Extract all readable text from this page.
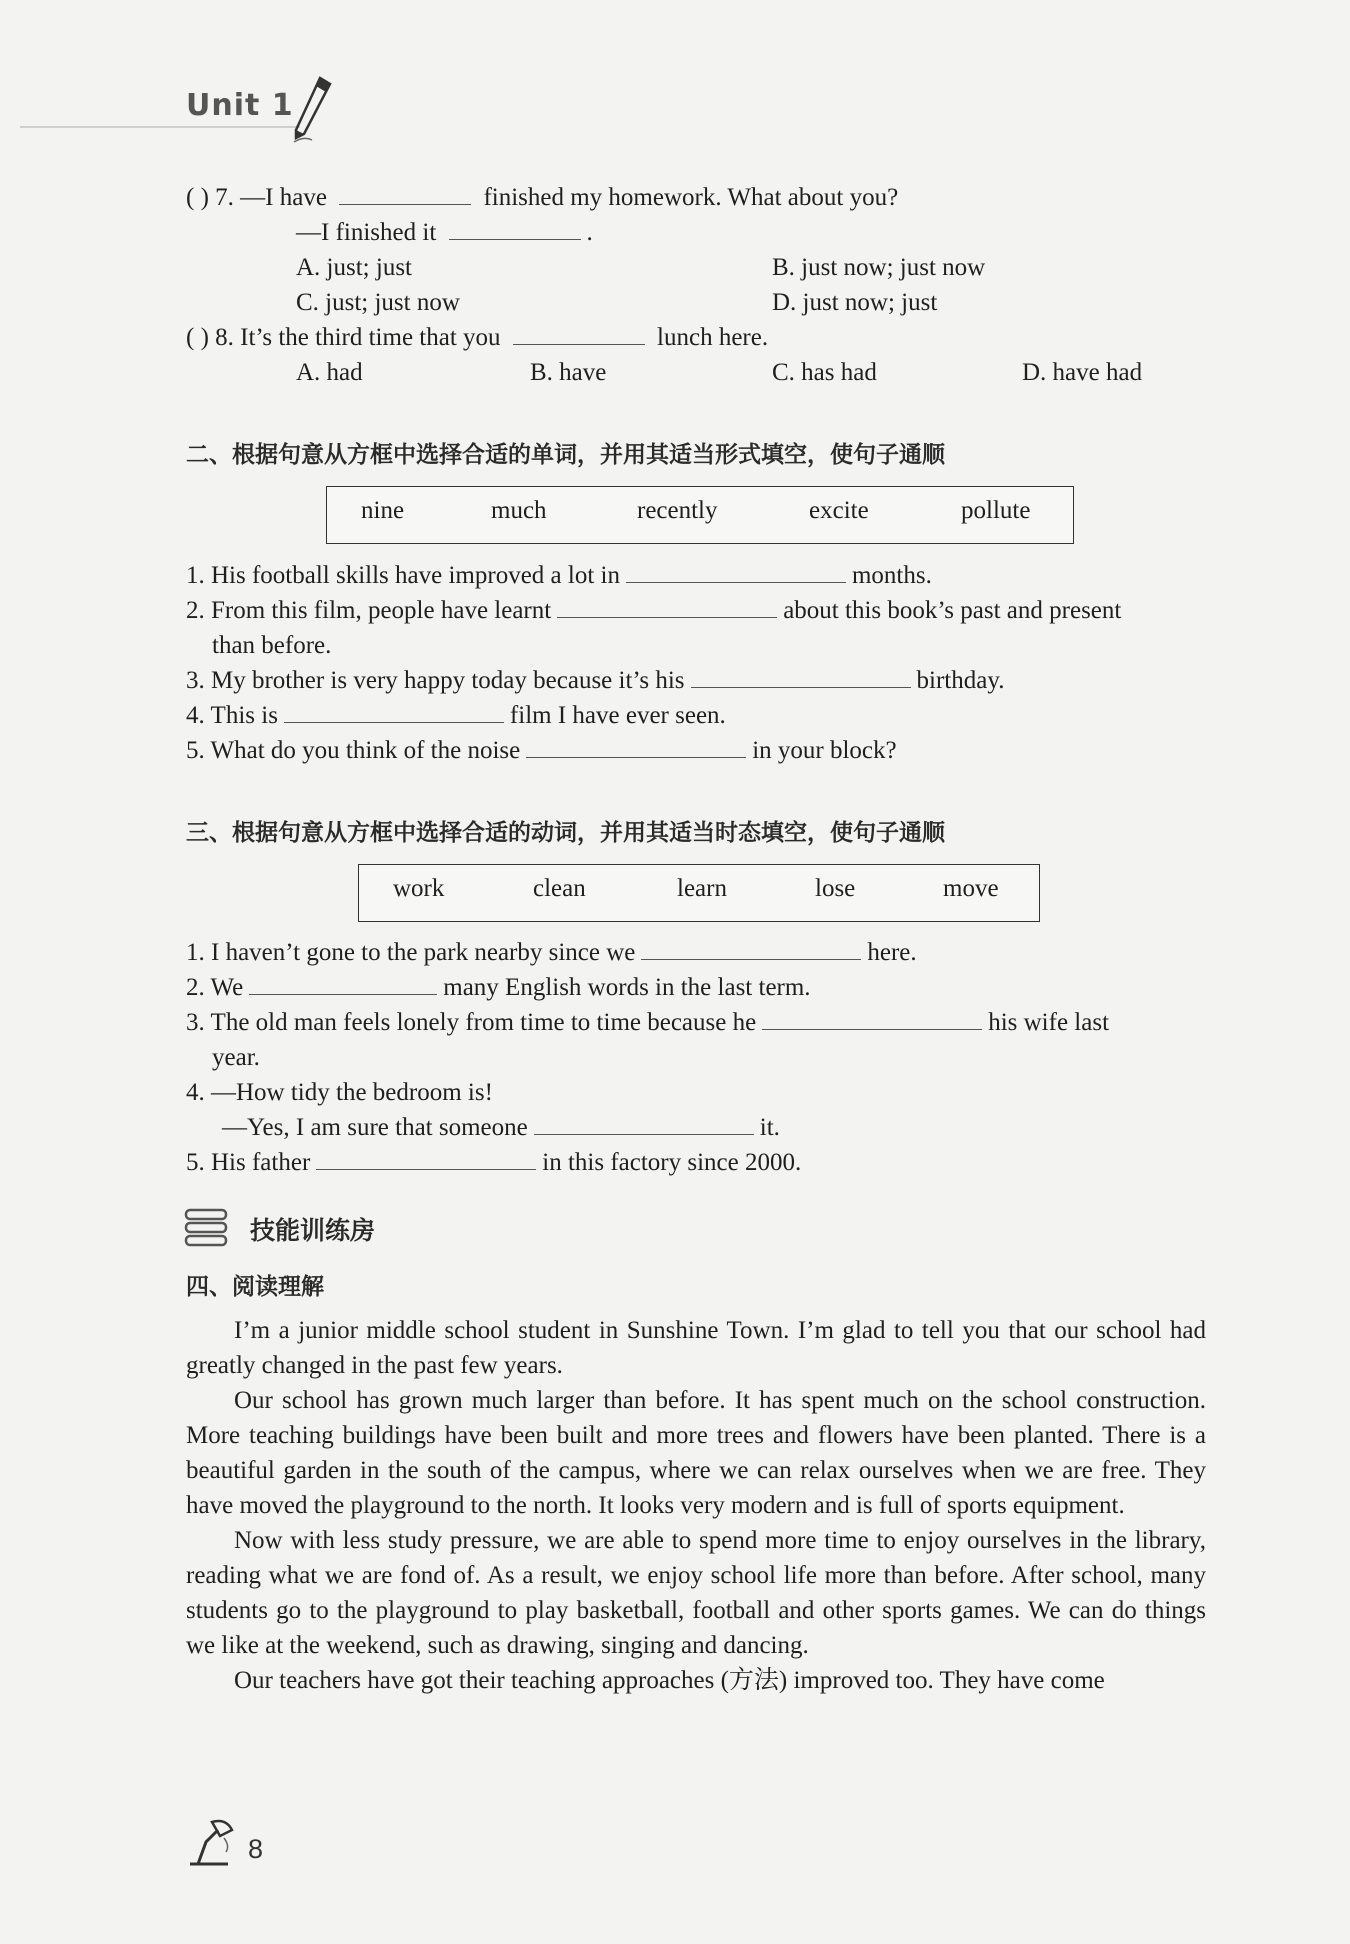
Unit 1
( ) 7. —I have	finished my homework. What about you?
—I finished it	.
A. just; just	B. just now; just now
C. just; just now	D. just now; just
( ) 8. It’s the third time that you	lunch here.
A. had	B. have	C. has had	D. have had
二、根据句意从方框中选择合适的单词，并用其适当形式填空，使句子通顺
nine	much	recently	excite	pollute
1. His football skills have improved a lot in	months.
2. From this film, people have learnt	about this book’s past and present
than before.
3. My brother is very happy today because it’s his	birthday.
4. This is	film I have ever seen.
5. What do you think of the noise	in your block?
三、根据句意从方框中选择合适的动词，并用其适当时态填空，使句子通顺
work	clean	learn	lose	move
1. I haven’t gone to the park nearby since we	here.
2. We	many English words in the last term.
3. The old man feels lonely from time to time because he	his wife last
year.
4. —How tidy the bedroom is!
—Yes, I am sure that someone	it.
5. His father	in this factory since 2000.
技能训练房
四、阅读理解

I’m a junior middle school student in Sunshine Town. I’m glad to tell you that our school had greatly changed in the past few years.

Our school has grown much larger than before. It has spent much on the school construction. More teaching buildings have been built and more trees and flowers have been planted. There is a beautiful garden in the south of the campus, where we can relax ourselves when we are free. They have moved the playground to the north. It looks very modern and is full of sports equipment.

Now with less study pressure, we are able to spend more time to enjoy ourselves in the library, reading what we are fond of. As a result, we enjoy school life more than before. After school, many students go to the playground to play basketball, football and other sports games. We can do things we like at the weekend, such as drawing, singing and dancing.

Our teachers have got their teaching approaches (方法) improved too. They have come

8
